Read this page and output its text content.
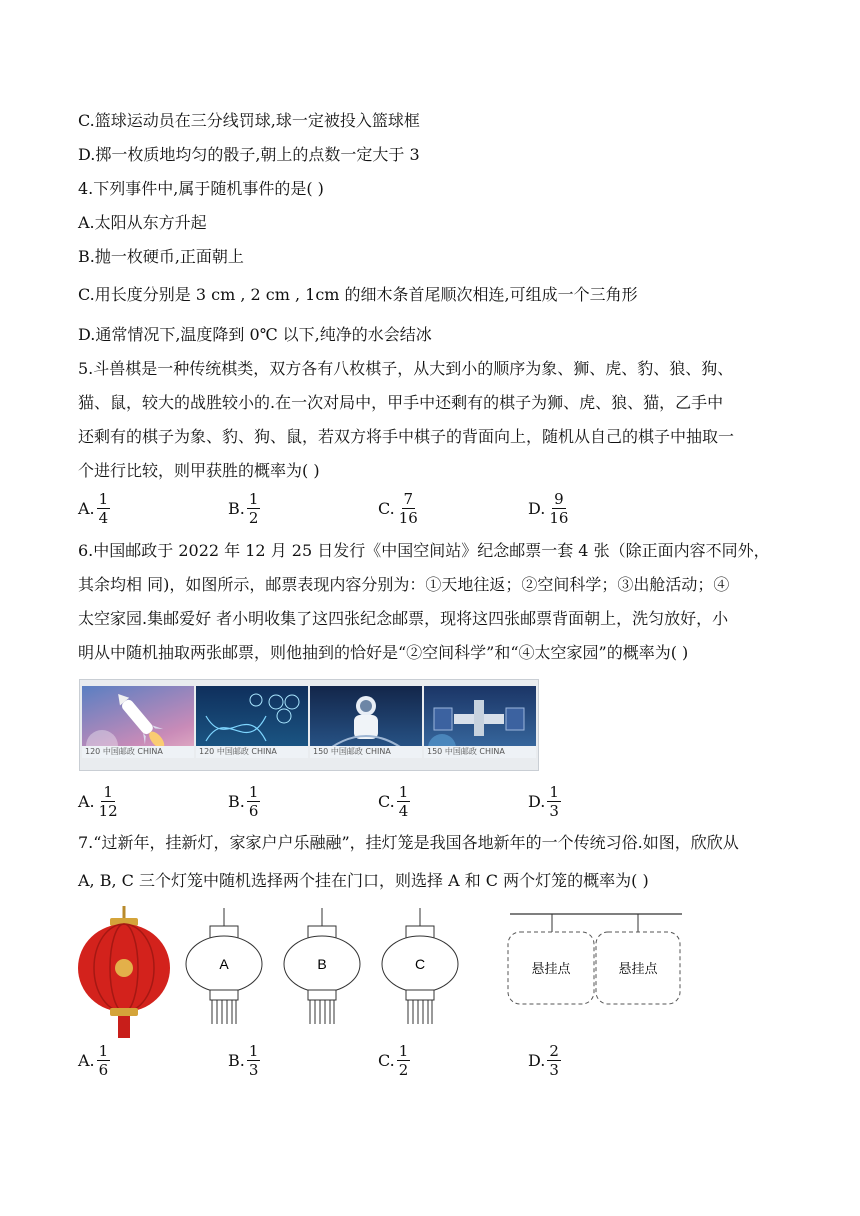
C.篮球运动员在三分线罚球,球一定被投入篮球框
D.掷一枚质地均匀的骰子,朝上的点数一定大于 3
4.下列事件中,属于随机事件的是( )
A.太阳从东方升起
B.抛一枚硬币,正面朝上
C.用长度分别是 3 cm , 2 cm , 1cm 的细木条首尾顺次相连,可组成一个三角形
D.通常情况下,温度降到 0℃ 以下,纯净的水会结冰
5.斗兽棋是一种传统棋类，双方各有八枚棋子，从大到小的顺序为象、狮、虎、豹、狼、狗、
猫、鼠，较大的战胜较小的.在一次对局中，甲手中还剩有的棋子为狮、虎、狼、猫，乙手中
还剩有的棋子为象、豹、狗、鼠，若双方将手中棋子的背面向上，随机从自己的棋子中抽取一
个进行比较，则甲获胜的概率为( )
A. $\frac{1}{4}$	B. $\frac{1}{2}$	C. $\frac{7}{16}$	D. $\frac{9}{16}$
6.中国邮政于 2022 年 12 月 25 日发行《中国空间站》纪念邮票一套 4 张（除正面内容不同外，
其余均相 同)，如图所示，邮票表现内容分别为：①天地往返；②空间科学；③出舱活动；④
太空家园.集邮爱好 者小明收集了这四张纪念邮票，现将这四张邮票背面朝上，洗匀放好，小
明从中随机抽取两张邮票，则他抽到的恰好是“②空间科学”和“④太空家园”的概率为( )
120 中国邮政 CHINA	120 中国邮政 CHINA	150 中国邮政 CHINA	150 中国邮政 CHINA
A. $\frac{1}{12}$	B. $\frac{1}{6}$	C. $\frac{1}{4}$	D. $\frac{1}{3}$
7.“过新年，挂新灯，家家户户乐融融”，挂灯笼是我国各地新年的一个传统习俗.如图，欣欣从
A, B, C 三个灯笼中随机选择两个挂在门口，则选择 A 和 C 两个灯笼的概率为( )
A	B	C	悬挂点	悬挂点
A. $\frac{1}{6}$	B. $\frac{1}{3}$	C. $\frac{1}{2}$	D. $\frac{2}{3}$
